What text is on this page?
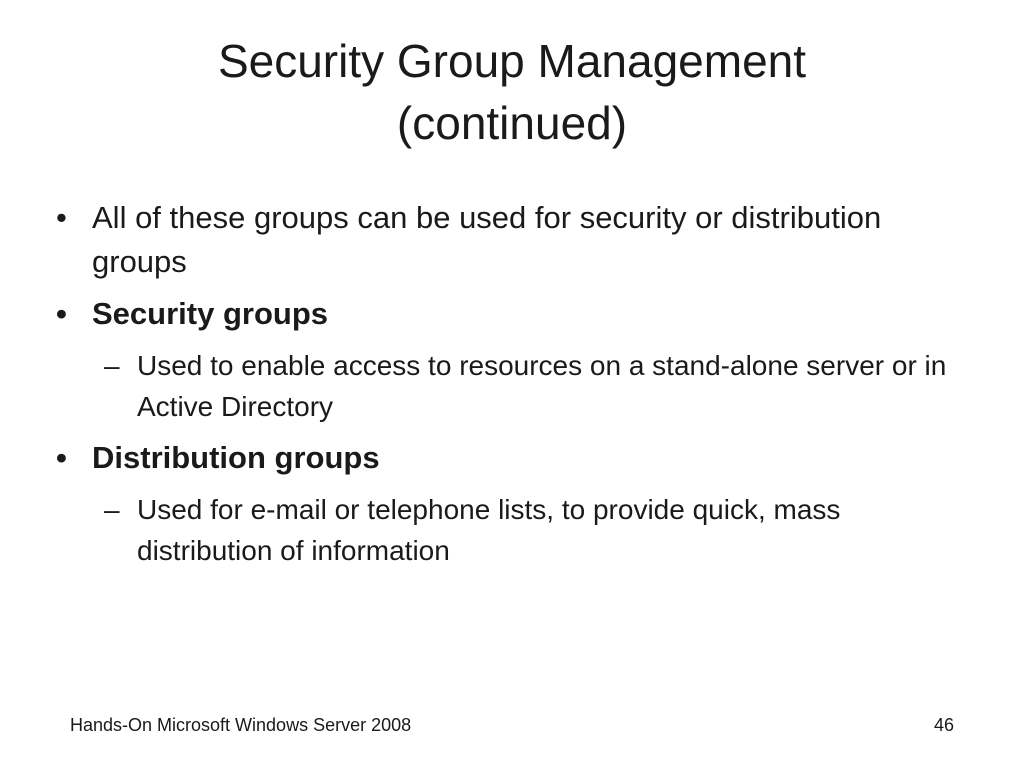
Security Group Management
(continued)
• All of these groups can be used for security or distribution groups
• Security groups
– Used to enable access to resources on a stand-alone server or in Active Directory
• Distribution groups
– Used for e-mail or telephone lists, to provide quick, mass distribution of information
Hands-On Microsoft Windows Server 2008	46
